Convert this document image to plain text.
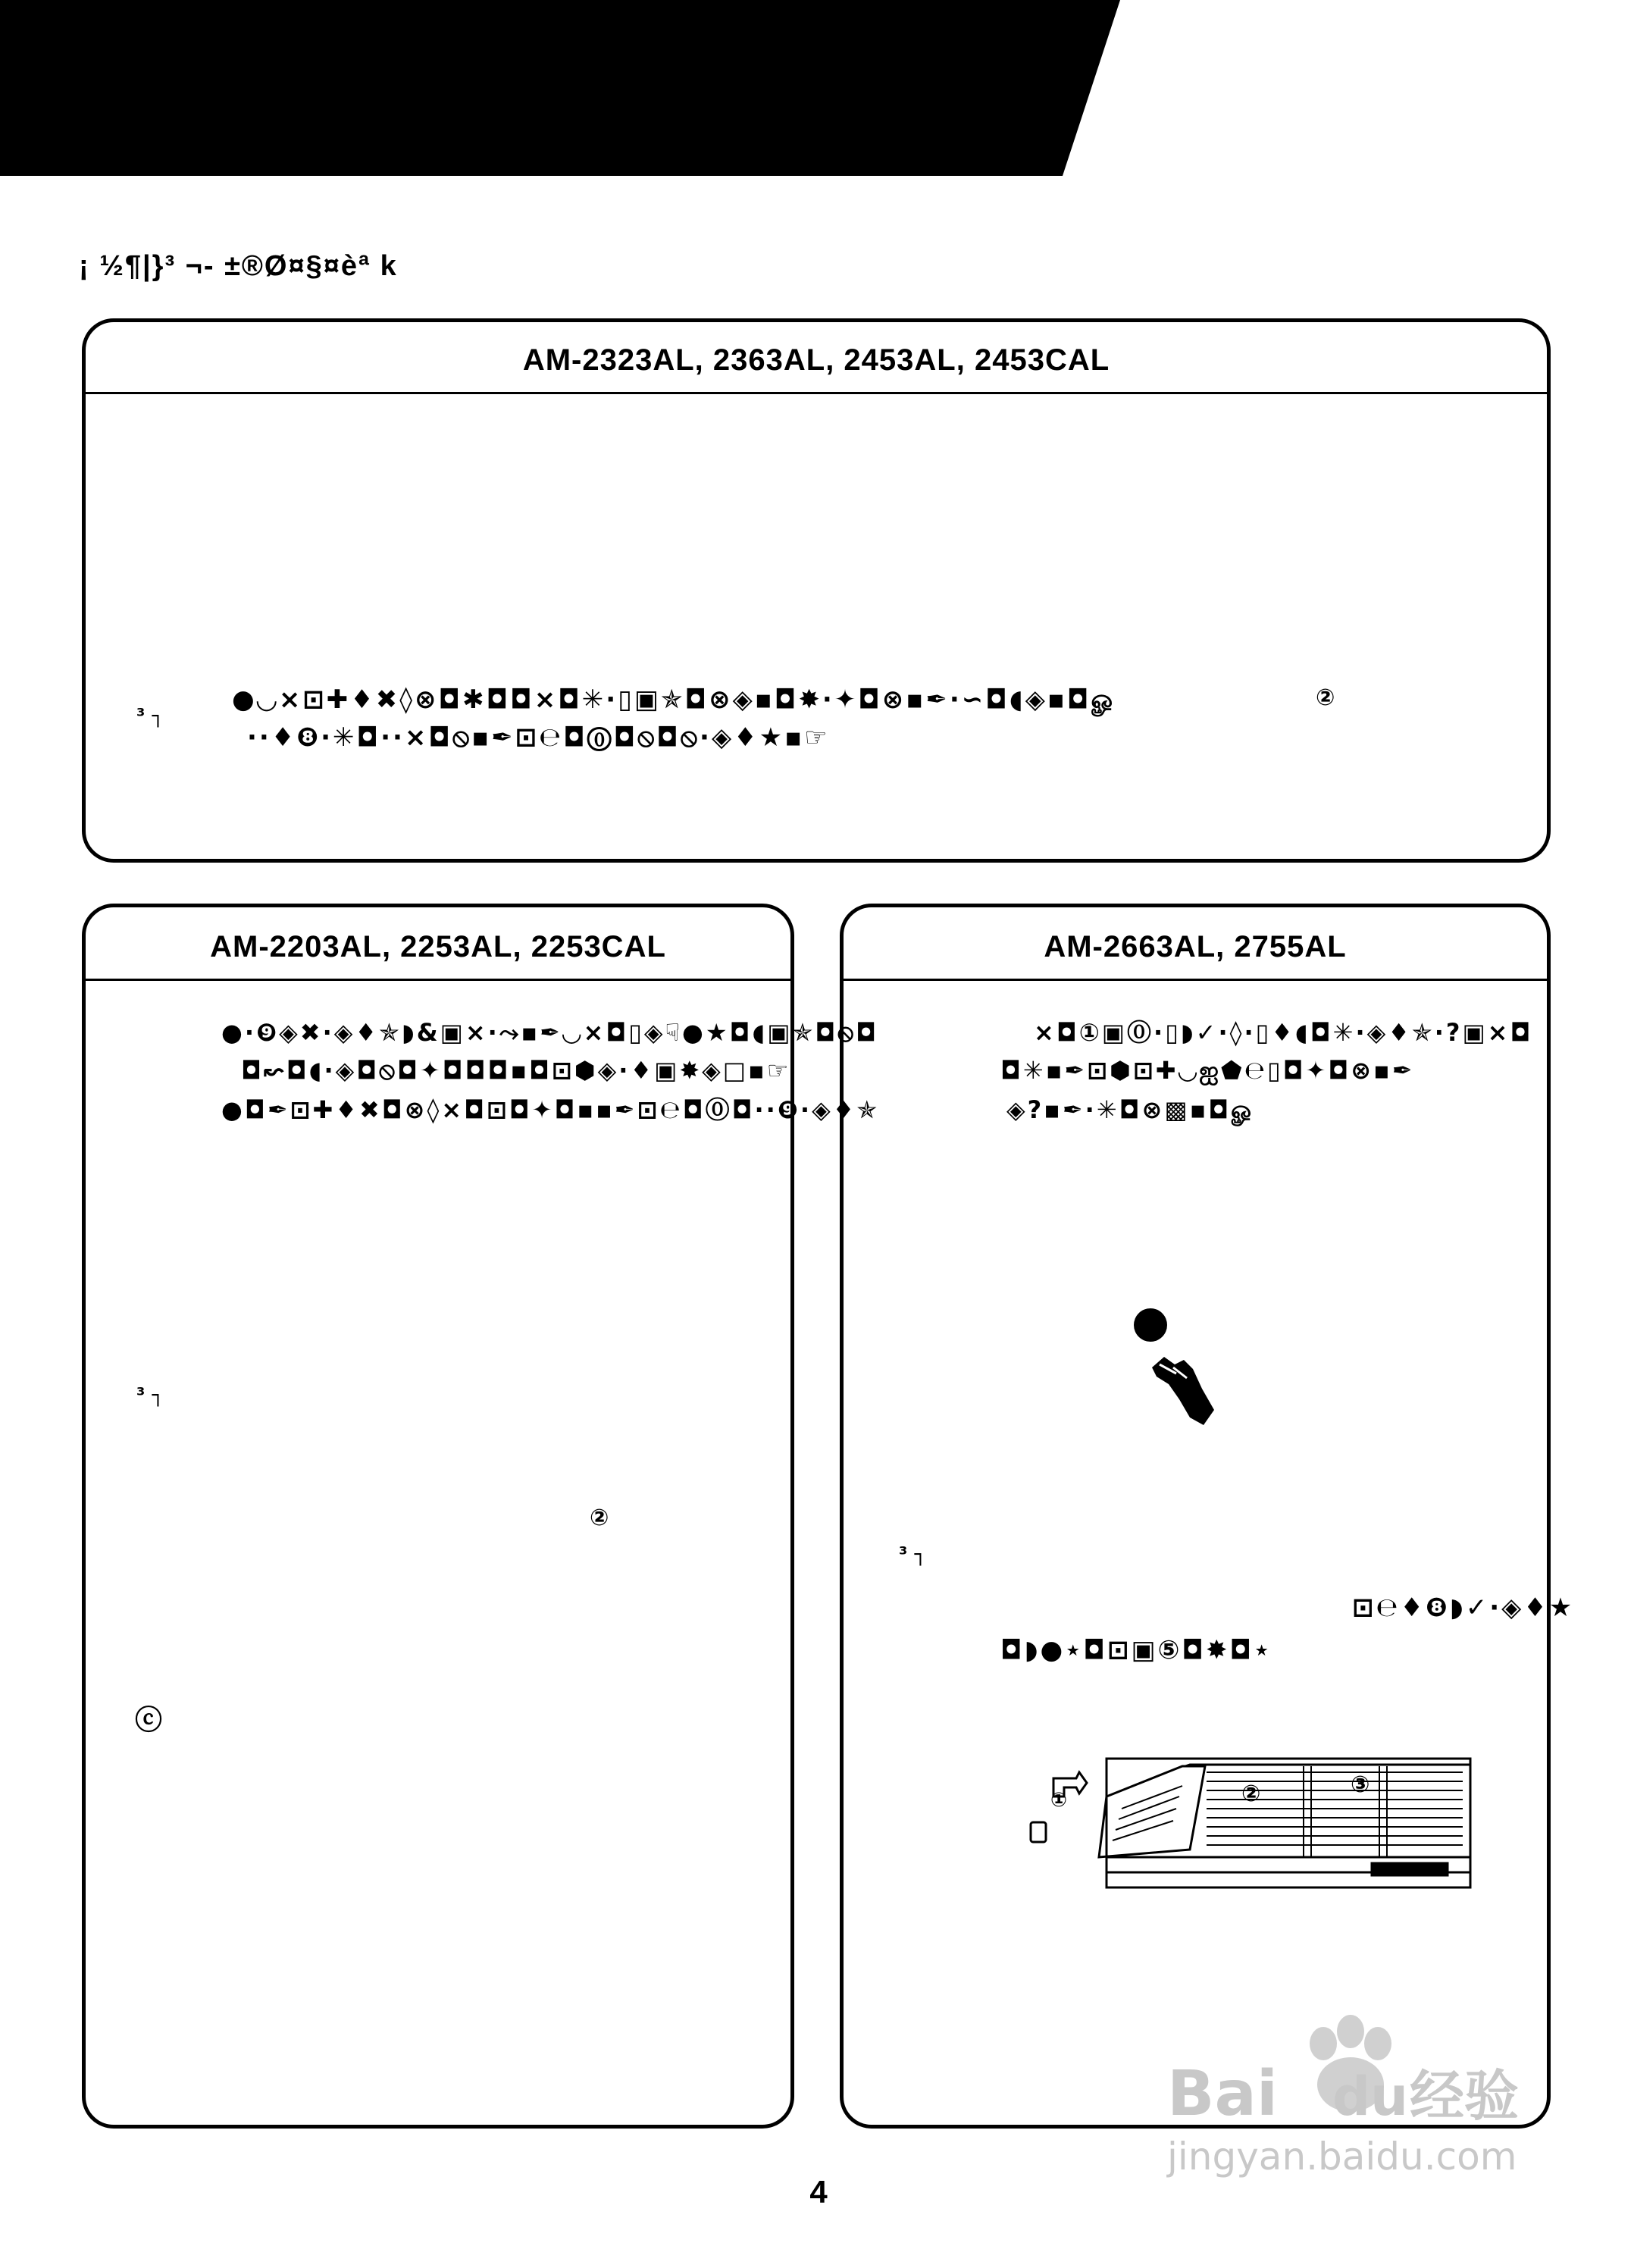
¡ ½¶|}³ ¬- ±®Ø¤§¤èª k
AM-2323AL, 2363AL, 2453AL, 2453CAL
³ ┐
●◡×⊡✚♦✖◊⊗◘✱◘◘×◘✳·▯▣✯◘⊗◈▪◘✸·✦◘⊗▪✒·∽◘◖◈▪◘ௐ	②
··♦❽·✳◘··×◘⦸▪✒⊡℮◘⓪◘⦸◘⦸·◈♦★▪☞
AM-2203AL, 2253AL, 2253CAL
●·❾◈✖·◈♦✯◗&▣×·⤳▪✒◡×◘▯◈☟●★◘◖▣✯◘⦸◘
◘↜◘◖·◈◘⦸◘✦◘◘◘▪◘⊡⬢◈·♦▣✸◈□▪☞
●◘✒⊡✚♦✖◘⊗◊×◘⊡◘✦◘▪▪✒⊡℮◘⓪◘··❾·◈♦✯
³ ┐
②
ⓒ
AM-2663AL, 2755AL
×◘①▣⓪·▯◗✓·◊·▯♦◖◘✳·◈♦✯·?▣×◘
◘✳▪✒⊡⬢⊡✚◡ஐ⬟℮▯◘✦◘⊗▪✒
◈?▪✒·✳◘⊗▩▪◘ௐ
³ ┐
⊡℮♦❽◗✓·◈♦★
◘◗●⋆◘⊡▣⑤◘✸◘⋆
①	②	③
4
Bai du 经验
jingyan.baidu.com
